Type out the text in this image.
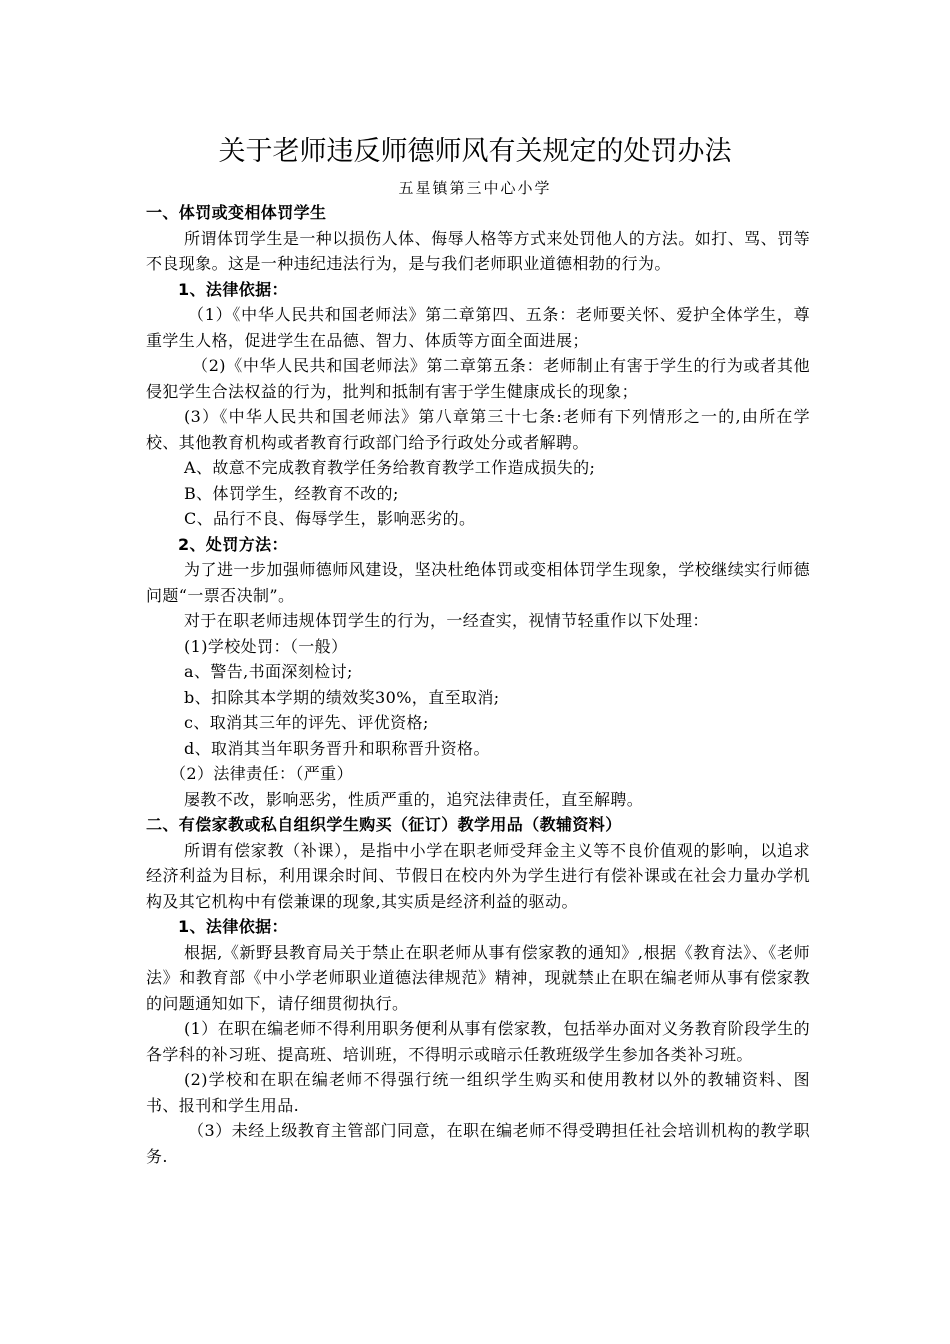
关于老师违反师德师风有关规定的处罚办法
五星镇第三中心小学

一、体罚或变相体罚学生

所谓体罚学生是一种以损伤人体、侮辱人格等方式来处罚他人的方法。如打、骂、罚等不良现象。这是一种违纪违法行为，是与我们老师职业道德相勃的行为。

1、法律依据：

（1）《中华人民共和国老师法》第二章第四、五条：老师要关怀、爱护全体学生，尊重学生人格，促进学生在品德、智力、体质等方面全面进展；

（2)《中华人民共和国老师法》第二章第五条：老师制止有害于学生的行为或者其他侵犯学生合法权益的行为，批判和抵制有害于学生健康成长的现象；

(3）《中华人民共和国老师法》第八章第三十七条:老师有下列情形之一的,由所在学校、其他教育机构或者教育行政部门给予行政处分或者解聘。

A、故意不完成教育教学任务给教育教学工作造成损失的;

B、体罚学生，经教育不改的;

C、品行不良、侮辱学生，影响恶劣的。

2、处罚方法：

为了进一步加强师德师风建设，坚决杜绝体罚或变相体罚学生现象，学校继续实行师德问题“一票否决制”。

对于在职老师违规体罚学生的行为，一经查实，视情节轻重作以下处理：

(1)学校处罚：（一般）

a、警告,书面深刻检讨;

b、扣除其本学期的绩效奖30%，直至取消;

c、取消其三年的评先、评优资格;

d、取消其当年职务晋升和职称晋升资格。

（2）法律责任：（严重）

屡教不改，影响恶劣，性质严重的，追究法律责任，直至解聘。

二、有偿家教或私自组织学生购买（征订）教学用品（教辅资料）

所谓有偿家教（补课），是指中小学在职老师受拜金主义等不良价值观的影响，以追求经济利益为目标，利用课余时间、节假日在校内外为学生进行有偿补课或在社会力量办学机构及其它机构中有偿兼课的现象,其实质是经济利益的驱动。

1、法律依据：

根据,《新野县教育局关于禁止在职老师从事有偿家教的通知》,根据《教育法》、《老师法》和教育部《中小学老师职业道德法律规范》精神，现就禁止在职在编老师从事有偿家教的问题通知如下，请仔细贯彻执行。

(1）在职在编老师不得利用职务便利从事有偿家教，包括举办面对义务教育阶段学生的各学科的补习班、提高班、培训班，不得明示或暗示任教班级学生参加各类补习班。

(2)学校和在职在编老师不得强行统一组织学生购买和使用教材以外的教辅资料、图书、报刊和学生用品.

（3）未经上级教育主管部门同意，在职在编老师不得受聘担任社会培训机构的教学职务.
